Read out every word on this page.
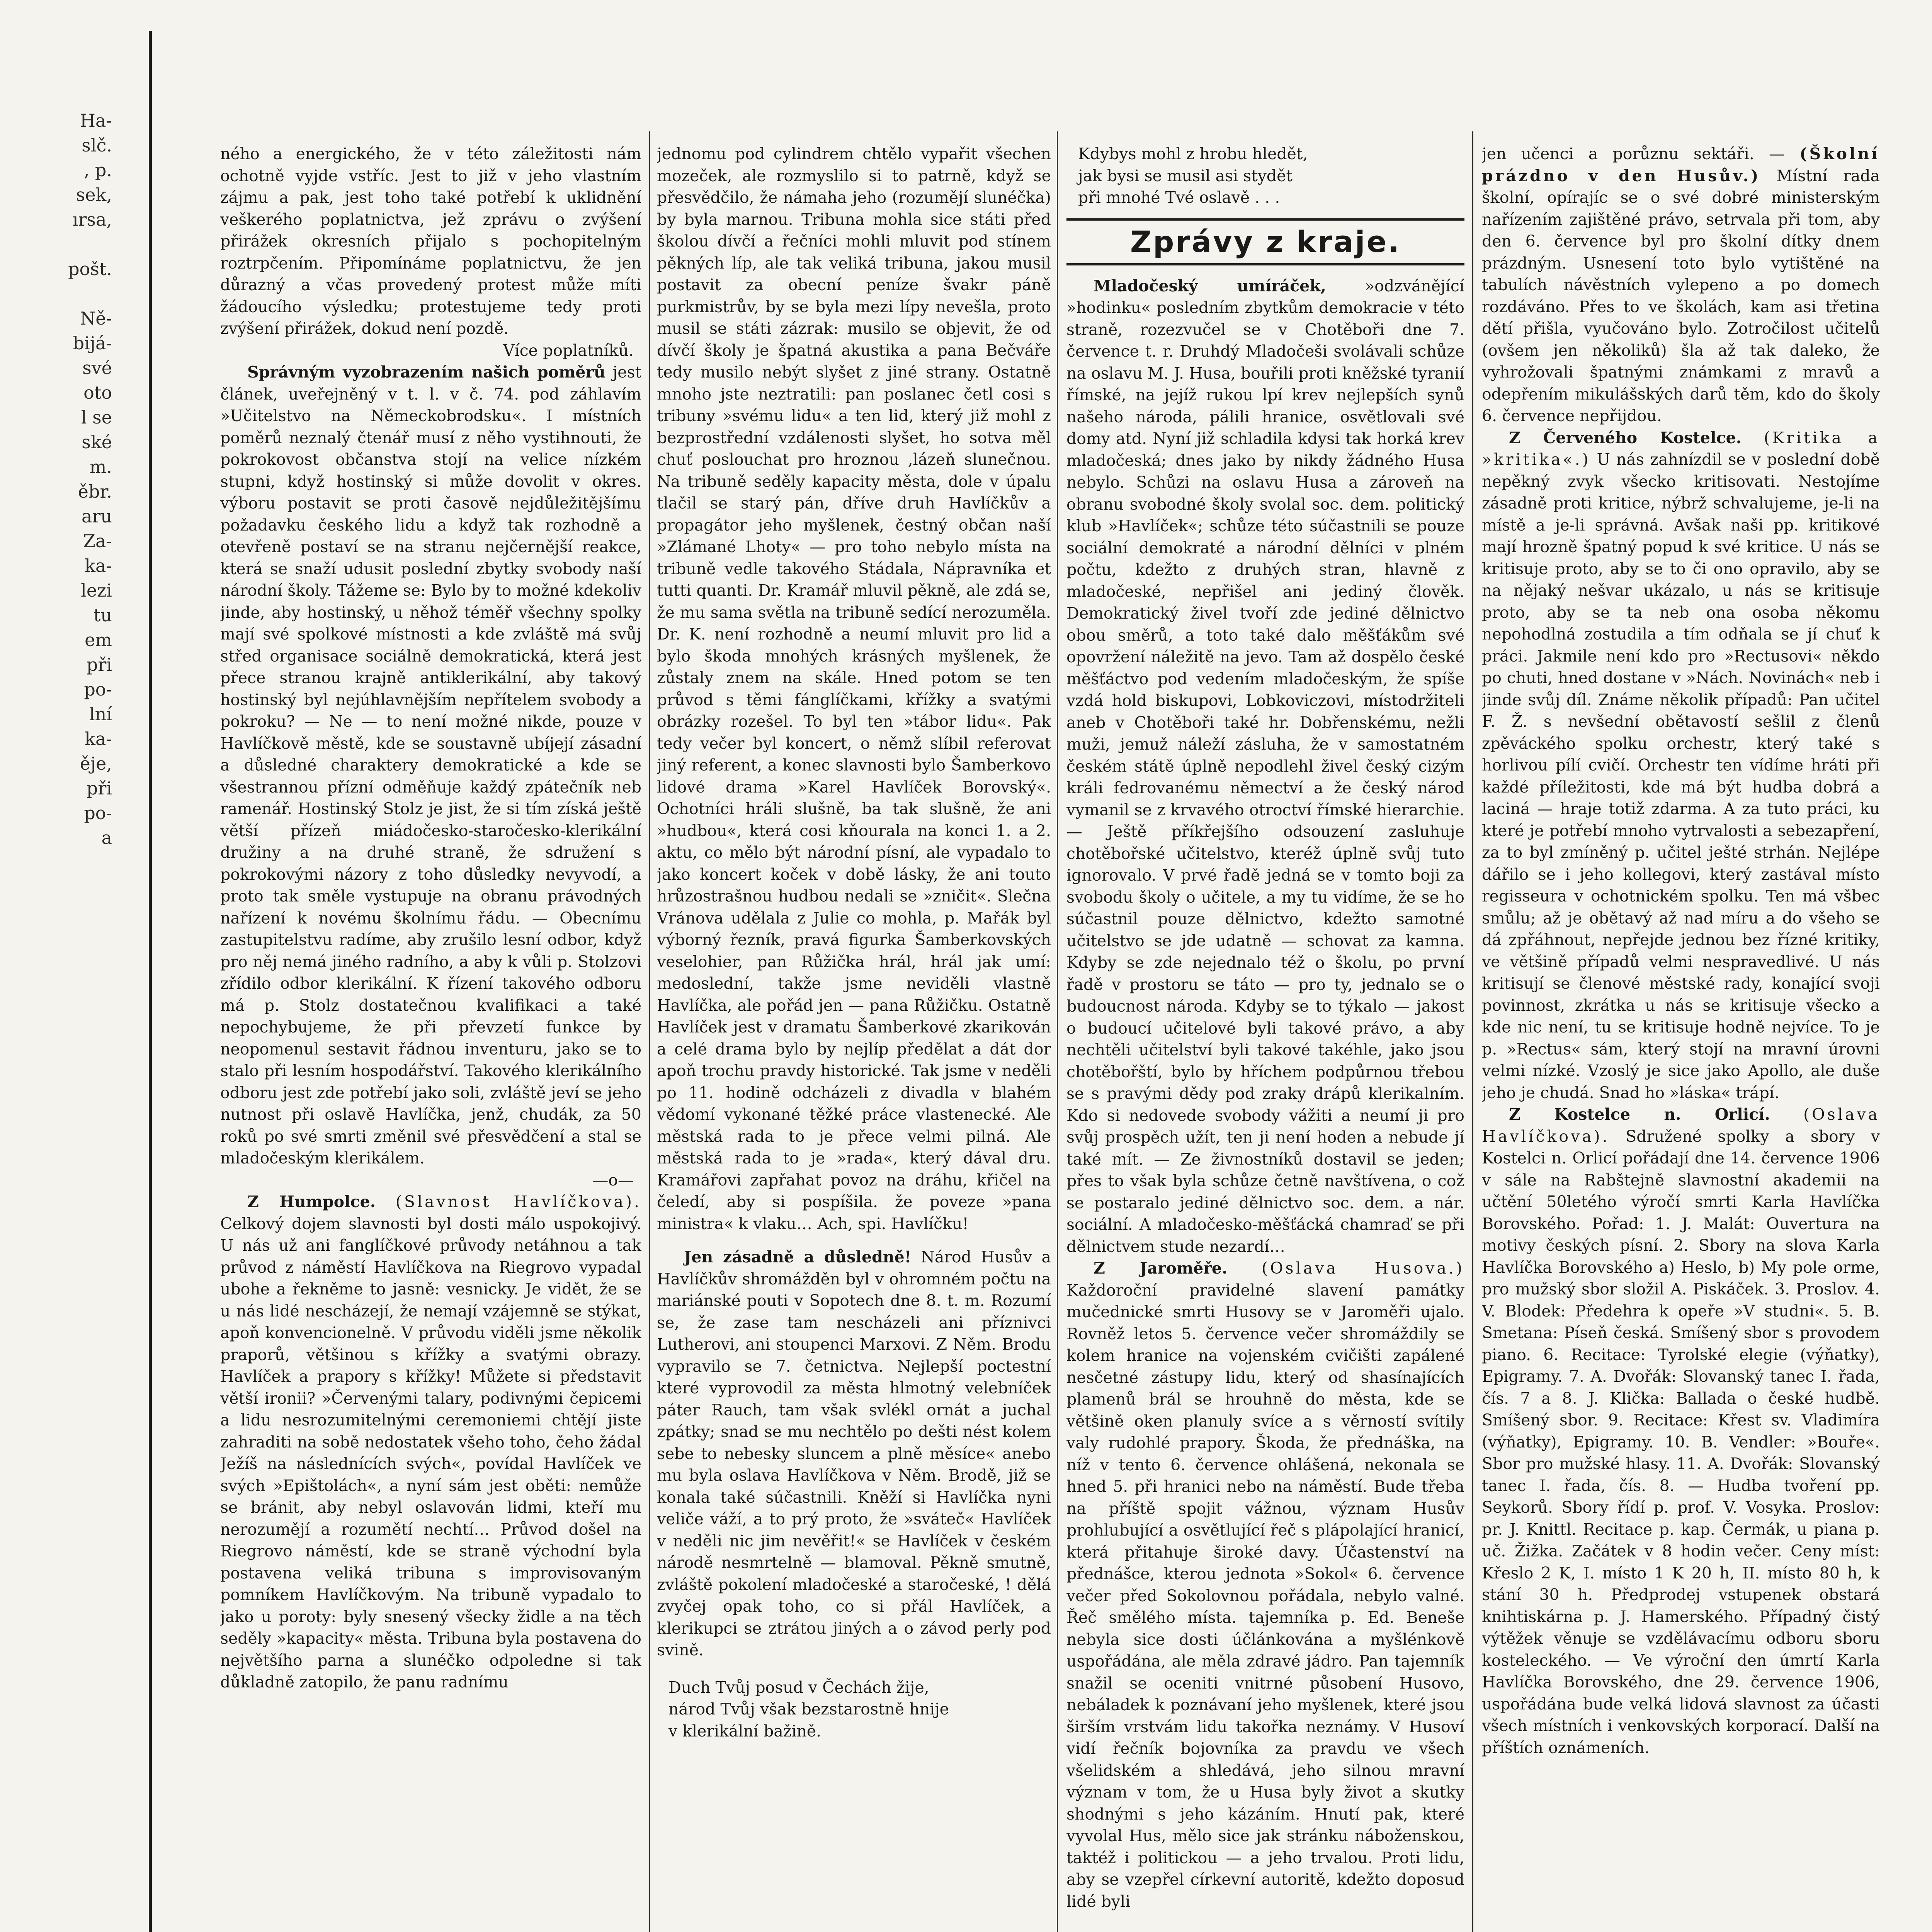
Ha-
slč.
, p.
sek,
ırsa,

pošt.

Ně-
bijá-
své
oto
l se
ské
m.
ěbr.
aru
Za-
ka-
lezi
tu
em
při
po-
lní
ka-
ěje,
při
po-
a

ného a energického, že v této záležitosti nám ochotně vyjde vstříc. Jest to již v jeho vlastním zájmu a pak, jest toho také potřebí k uklidnění veškerého poplatnictva, jež zprávu o zvýšení přirážek okresních přijalo s pochopitelným roztrpčením. Připomínáme poplatnictvu, že jen důrazný a včas provedený protest může míti žádoucího výsledku; protestujeme tedy proti zvýšení přirážek, dokud není pozdě.

Více poplatníků.

Správným vyzobrazením našich poměrů jest článek, uveřejněný v t. l. v č. 74. pod záhlavím »Učitelstvo na Německobrodsku«. I místních poměrů neznalý čtenář musí z něho vystihnouti, že pokrokovost občanstva stojí na velice nízkém stupni, když hostinský si může dovolit v okres. výboru postavit se proti časově nejdůležitějšímu požadavku českého lidu a když tak rozhodně a otevřeně postaví se na stranu nejčernější reakce, která se snaží udusit poslední zbytky svobody naší národní školy. Tážeme se: Bylo by to možné kdekoliv jinde, aby hostinský, u něhož téměř všechny spolky mají své spolkové místnosti a kde zvláště má svůj střed organisace sociálně demokratická, která jest přece stranou krajně antiklerikální, aby takový hostinský byl nejúhlavnějším nepřítelem svobody a pokroku? — Ne — to není možné nikde, pouze v Havlíčkově městě, kde se soustavně ubíjejí zásadní a důsledné charaktery demokratické a kde se všestrannou přízní odměňuje každý zpátečník neb ramenář. Hostinský Stolz je jist, že si tím získá ještě větší přízeň miádočesko-staročesko-klerikální družiny a na druhé straně, že sdružení s pokrokovými názory z toho důsledky nevyvodí, a proto tak směle vystupuje na obranu právodných nařízení k novému školnímu řádu. — Obecnímu zastupitelstvu radíme, aby zrušilo lesní odbor, když pro něj nemá jiného radního, a aby k vůli p. Stolzovi zřídilo odbor klerikální. K řízení takového odboru má p. Stolz dostatečnou kvalifikaci a také nepochybujeme, že při převzetí funkce by neopomenul sestavit řádnou inventuru, jako se to stalo při lesním hospodářství. Takového klerikálního odboru jest zde potřebí jako soli, zvláště jeví se jeho nutnost při oslavě Havlíčka, jenž, chudák, za 50 roků po své smrti změnil své přesvědčení a stal se mladočeským klerikálem.

—o—

Z Humpolce. (Slavnost Havlíčkova). Celkový dojem slavnosti byl dosti málo uspokojivý. U nás už ani fanglíčkové průvody netáhnou a tak průvod z náměstí Havlíčkova na Riegrovo vypadal ubohe a řekněme to jasně: vesnicky. Je vidět, že se u nás lidé nescházejí, že nemají vzájemně se stýkat, apoň konvencionelně. V průvodu viděli jsme několik praporů, většinou s křížky a svatými obrazy. Havlíček a prapory s křížky! Můžete si představit větší ironii? »Červenými talary, podivnými čepicemi a lidu nesrozumitelnými ceremoniemi chtějí jiste zahraditi na sobě nedostatek všeho toho, čeho žádal Ježíš na následnících svých«, povídal Havlíček ve svých »Epištolách«, a nyní sám jest oběti: nemůže se bránit, aby nebyl oslavován lidmi, kteří mu nerozumějí a rozumětí nechtí… Průvod došel na Riegrovo náměstí, kde se straně východní byla postavena veliká tribuna s improvisovaným pomníkem Havlíčkovým. Na tribuně vypadalo to jako u poroty: byly snesený všecky židle a na těch seděly »kapacity« města. Tribuna byla postavena do největšího parna a slunéčko odpoledne si tak důkladně zatopilo, že panu radnímu

jednomu pod cylindrem chtělo vypařit všechen mozeček, ale rozmyslilo si to patrně, když se přesvědčilo, že námaha jeho (rozumějí slunéčka) by byla marnou. Tribuna mohla sice státi před školou dívčí a řečníci mohli mluvit pod stínem pěkných líp, ale tak veliká tribuna, jakou musil postavit za obecní peníze švakr páně purkmistrův, by se byla mezi lípy nevešla, proto musil se státi zázrak: musilo se objevit, že od dívčí školy je špatná akustika a pana Bečváře tedy musilo nebýt slyšet z jiné strany. Ostatně mnoho jste neztratili: pan poslanec četl cosi s tribuny »svému lidu« a ten lid, který již mohl z bezprostřední vzdálenosti slyšet, ho sotva měl chuť poslouchat pro hroznou ,lázeň slunečnou. Na tribuně seděly kapacity města, dole v úpalu tlačil se starý pán, dříve druh Havlíčkův a propagátor jeho myšlenek, čestný občan naší »Zlámané Lhoty« — pro toho nebylo místa na tribuně vedle takového Stádala, Nápravníka et tutti quanti. Dr. Kramář mluvil pěkně, ale zdá se, že mu sama světla na tribuně sedící nerozuměla. Dr. K. není rozhodně a neumí mluvit pro lid a bylo škoda mnohých krásných myšlenek, že zůstaly znem na skále. Hned potom se ten průvod s těmi fánglíčkami, křížky a svatými obrázky rozešel. To byl ten »tábor lidu«. Pak tedy večer byl koncert, o němž slíbil referovat jiný referent, a konec slavnosti bylo Šamberkovo lidové drama »Karel Havlíček Borovský«. Ochotníci hráli slušně, ba tak slušně, že ani »hudbou«, která cosi kňourala na konci 1. a 2. aktu, co mělo být národní písní, ale vypadalo to jako koncert koček v době lásky, že ani touto hrůzostrašnou hudbou nedali se »zničit«. Slečna Vránova udělala z Julie co mohla, p. Mařák byl výborný řezník, pravá figurka Šamberkovských veselohier, pan Růžička hrál, hrál jak umí: medoslední, takže jsme neviděli vlastně Havlíčka, ale pořád jen — pana Růžičku. Ostatně Havlíček jest v dramatu Šamberkové zkarikován a celé drama bylo by nejlíp předělat a dát dor apoň trochu pravdy historické. Tak jsme v neděli po 11. hodině odcházeli z divadla v blahém vědomí vykonané těžké práce vlastenecké. Ale městská rada to je přece velmi pilná. Ale městská rada to je »rada«, který dával dru. Kramářovi zapřahat povoz na dráhu, křičel na čeledí, aby si pospíšila. že poveze »pana ministra« k vlaku… Ach, spi. Havlíčku!

Jen zásadně a důsledně! Národ Husův a Havlíčkův shromážděn byl v ohromném počtu na mariánské pouti v Sopotech dne 8. t. m. Rozumí se, že zase tam nescházeli ani příznivci Lutherovi, ani stoupenci Marxovi. Z Něm. Brodu vypravilo se 7. četnictva. Nejlepší poctestní které vyprovodil za města hlmotný velebníček páter Rauch, tam však svlékl ornát a juchal zpátky; snad se mu nechtělo po dešti nést kolem sebe to nebesky sluncem a plně měsíce« anebo mu byla oslava Havlíčkova v Něm. Brodě, již se konala také súčastnili. Kněží si Havlíčka nyni veliče váží, a to prý proto, že »sváteč« Havlíček v neděli nic jim nevěřit!« se Havlíček v českém národě nesmrtelně — blamoval. Pěkně smutně, zvláště pokolení mladočeské a staročeské, ! dělá zvyčej opak toho, co si přál Havlíček, a klerikupci se ztrátou jiných a o závod perly pod svině.

Duch Tvůj posud v Čechách žije,
národ Tvůj však bezstarostně hnije
v klerikální bažině.
Kdybys mohl z hrobu hledět,
jak bysi se musil asi stydět
při mnohé Tvé oslavě . . .
Zprávy z kraje.

Mladočeský umíráček, »odzvánějící »hodinku« posledním zbytkům demokracie v této straně, rozezvučel se v Chotěboři dne 7. července t. r. Druhdý Mladočeši svolávali schůze na oslavu M. J. Husa, bouřili proti kněžské tyranií římské, na jejíž rukou lpí krev nejlepších synů našeho národa, pálili hranice, osvětlovali své domy atd. Nyní již schladila kdysi tak horká krev mladočeská; dnes jako by nikdy žádného Husa nebylo. Schůzi na oslavu Husa a zároveň na obranu svobodné školy svolal soc. dem. politický klub »Havlíček«; schůze této súčastnili se pouze sociální demokraté a národní dělníci v plném počtu, kdežto z druhých stran, hlavně z mladočeské, nepřišel ani jediný člověk. Demokratický živel tvoří zde jediné dělnictvo obou směrů, a toto také dalo měšťákům své opovržení náležitě na jevo. Tam až dospělo české měšťáctvo pod vedením mladočeským, že spíše vzdá hold biskupovi, Lobkoviczovi, místodržiteli aneb v Chotěboři také hr. Dobřenskému, nežli muži, jemuž náleží zásluha, že v samostatném českém státě úplně nepodlehl živel český cizým králi fedrovanému němectví a že český národ vymanil se z krvavého otroctví římské hierarchie. — Ještě příkřejšího odsouzení zasluhuje chotěbořské učitelstvo, kteréž úplně svůj tuto ignorovalo. V prvé řadě jedná se v tomto boji za svobodu školy o učitele, a my tu vidíme, že se ho súčastnil pouze dělnictvo, kdežto samotné učitelstvo se jde udatně — schovat za kamna. Kdyby se zde nejednalo též o školu, po první řadě v prostoru se táto — pro ty, jednalo se o budoucnost národa. Kdyby se to týkalo — jakost o budoucí učitelové byli takové právo, a aby nechtěli učitelství byli takové takéhle, jako jsou chotěbořští, bylo by hříchem podpůrnou třebou se s pravými dědy pod zraky drápů klerikalním. Kdo si nedovede svobody vážiti a neumí ji pro svůj prospěch užít, ten ji není hoden a nebude jí také mít. — Ze živnostníků dostavil se jeden; přes to však byla schůze četně navštívena, o což se postaralo jediné dělnictvo soc. dem. a nár. sociální. A mladočesko-měšťácká chamraď se při dělnictvem stude nezardí…

Z Jaroměře. (Oslava Husova.) Každoroční pravidelné slavení památky mučednické smrti Husovy se v Jaroměři ujalo. Rovněž letos 5. července večer shromáždily se kolem hranice na vojenském cvičišti zapálené nesčetné zástupy lidu, který od shasínajících plamenů brál se hrouhně do města, kde se většině oken planuly svíce a s věrností svítily valy rudohlé prapory. Škoda, že přednáška, na níž v tento 6. července ohlášená, nekonala se hned 5. při hranici nebo na náměstí. Bude třeba na příště spojit vážnou, význam Husův prohlubující a osvětlující řeč s plápolající hranicí, která přitahuje široké davy. Účastenství na přednášce, kterou jednota »Sokol« 6. července večer před Sokolovnou pořádala, nebylo valné. Řeč smělého místa. tajemníka p. Ed. Beneše nebyla sice dosti účlánkována a myšlénkově uspořádána, ale měla zdravé jádro. Pan tajemník snažil se oceniti vnitrné působení Husovo, nebáladek k poznávaní jeho myšlenek, které jsou širším vrstvám lidu takořka neznámy. V Husoví vidí řečník bojovníka za pravdu ve všech všelidském a shledává, jeho silnou mravní význam v tom, že u Husa byly život a skutky shodnými s jeho kázáním. Hnutí pak, které vyvolal Hus, mělo sice jak stránku náboženskou, taktéž i politickou — a jeho trvalou. Proti lidu, aby se vzepřel církevní autoritě, kdežto doposud lidé byli

jen učenci a porůznu sektáři. — (Školní prázdno v den Husův.) Místní rada školní, opírajíc se o své dobré ministerským nařízením zajištěné právo, setrvala při tom, aby den 6. července byl pro školní dítky dnem prázdným. Usnesení toto bylo vytištěné na tabulích návěstních vylepeno a po domech rozdáváno. Přes to ve školách, kam asi třetina dětí přišla, vyučováno bylo. Zotročilost učitelů (ovšem jen několiků) šla až tak daleko, že vyhrožovali špatnými známkami z mravů a odepřením mikulášských darů těm, kdo do školy 6. července nepřijdou.

Z Červeného Kostelce. (Kritika a »kritika«.) U nás zahnízdil se v poslední době nepěkný zvyk všecko kritisovati. Nestojíme zásadně proti kritice, nýbrž schvalujeme, je-li na místě a je-li správná. Avšak naši pp. kritikové mají hrozně špatný popud k své kritice. U nás se kritisuje proto, aby se to či ono opravilo, aby se na nějaký nešvar ukázalo, u nás se kritisuje proto, aby se ta neb ona osoba někomu nepohodlná zostudila a tím odňala se jí chuť k práci. Jakmile není kdo pro »Rectusovi« někdo po chuti, hned dostane v »Nách. Novinách« neb i jinde svůj díl. Známe několik případů: Pan učitel F. Ž. s nevšední obětavostí sešlil z členů zpěváckého spolku orchestr, který také s horlivou pílí cvičí. Orchestr ten vídíme hráti při každé příležitosti, kde má být hudba dobrá a laciná — hraje totiž zdarma. A za tuto práci, ku které je potřebí mnoho vytrvalosti a sebezapření, za to byl zmíněný p. učitel ješté strhán. Nejlépe dářilo se i jeho kollegovi, který zastával místo regisseura v ochotnickém spolku. Ten má všbec smůlu; až je obětavý až nad míru a do všeho se dá zpřáhnout, nepřejde jednou bez řízné kritiky, ve většině případů velmi nespravedlivé. U nás kritisují se členové městské rady, konající svoji povinnost, zkrátka u nás se kritisuje všecko a kde nic není, tu se kritisuje hodně nejvíce. To je p. »Rectus« sám, který stojí na mravní úrovni velmi nízké. Vzoslý je sice jako Apollo, ale duše jeho je chudá. Snad ho »láska« trápí.

Z Kostelce n. Orlicí. (Oslava Havlíčkova). Sdružené spolky a sbory v Kostelci n. Orlicí pořádají dne 14. července 1906 v sále na Rabštejně slavnostní akademii na učtění 50letého výročí smrti Karla Havlíčka Borovského. Pořad: 1. J. Malát: Ouvertura na motivy českých písní. 2. Sbory na slova Karla Havlíčka Borovského a) Heslo, b) My pole orme, pro mužský sbor složil A. Piskáček. 3. Proslov. 4. V. Blodek: Předehra k opeře »V studni«. 5. B. Smetana: Píseň česká. Smíšený sbor s provodem piano. 6. Recitace: Tyrolské elegie (výňatky), Epigramy. 7. A. Dvořák: Slovanský tanec I. řada, čís. 7 a 8. J. Klička: Ballada o české hudbě. Smíšený sbor. 9. Recitace: Křest sv. Vladimíra (výňatky), Epigramy. 10. B. Vendler: »Bouře«. Sbor pro mužské hlasy. 11. A. Dvořák: Slovanský tanec I. řada, čís. 8. — Hudba tvoření pp. Seykorů. Sbory řídí p. prof. V. Vosyka. Proslov: pr. J. Knittl. Recitace p. kap. Čermák, u piana p. uč. Žižka. Začátek v 8 hodin večer. Ceny míst: Křeslo 2 K, I. místo 1 K 20 h, II. místo 80 h, k stání 30 h. Předprodej vstupenek obstará knihtiskárna p. J. Hamerského. Případný čistý výtěžek věnuje se vzdělávacímu odboru sboru kosteleckého. — Ve výroční den úmrtí Karla Havlíčka Borovského, dne 29. července 1906, uspořádána bude velká lidová slavnost za účasti všech místních i venkovských korporací. Další na příštích oznámeních.
